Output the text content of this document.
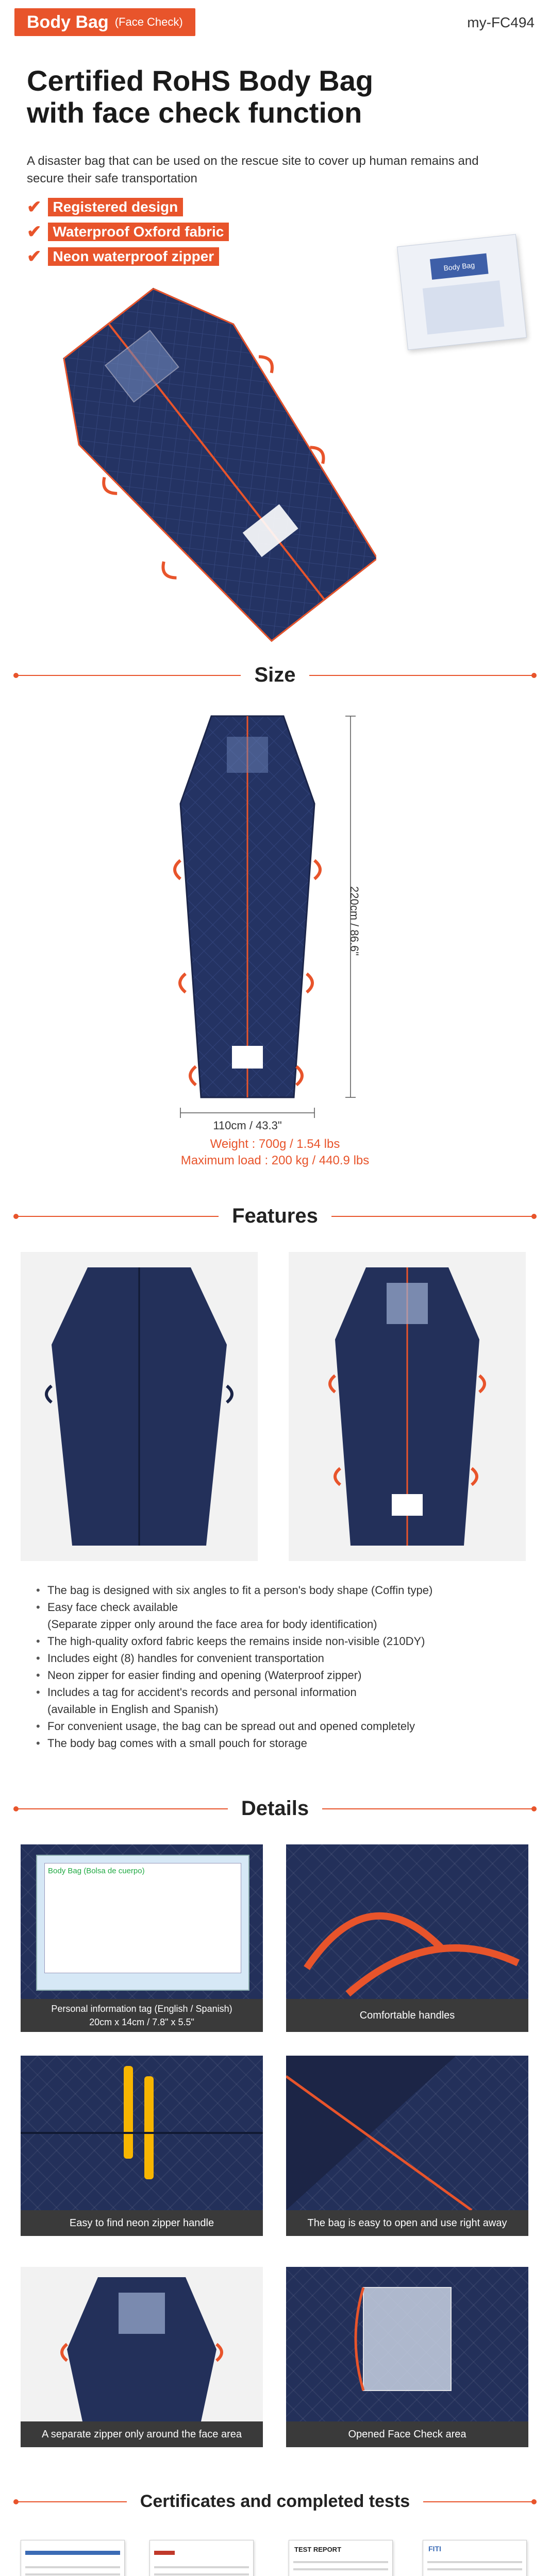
Body Bag (Face Check)	my-FC494
Certified RoHS Body Bag
with face check function
A disaster bag that can be used on the rescue site to cover up human remains and secure their safe transportation
✔ Registered design
✔ Waterproof Oxford fabric
✔ Neon waterproof zipper
Body Bag
Size
220cm / 86.6"
110cm / 43.3"
Weight : 700g / 1.54 lbs
Maximum load : 200 kg / 440.9 lbs
Features
• The bag is designed with six angles to fit a person's body shape (Coffin type)
• Easy face check available
(Separate zipper only around the face area for body identification)
• The high-quality oxford fabric keeps the remains inside non-visible (210DY)
• Includes eight (8) handles for convenient transportation
• Neon zipper for easier finding and opening (Waterproof zipper)
• Includes a tag for accident's records and personal information
(available in English and Spanish)
• For convenient usage, the bag can be spread out and opened completely
• The body bag comes with a small pouch for storage
Details
Body Bag (Bolsa de cuerpo)
Personal information tag (English / Spanish)
20cm x 14cm / 7.8" x 5.5"
Comfortable handles
Easy to find neon zipper handle	The bag is easy to open and use right away
A separate zipper only around the face area	Opened Face Check area
Certificates and completed tests
TEST REPORT	FITI
